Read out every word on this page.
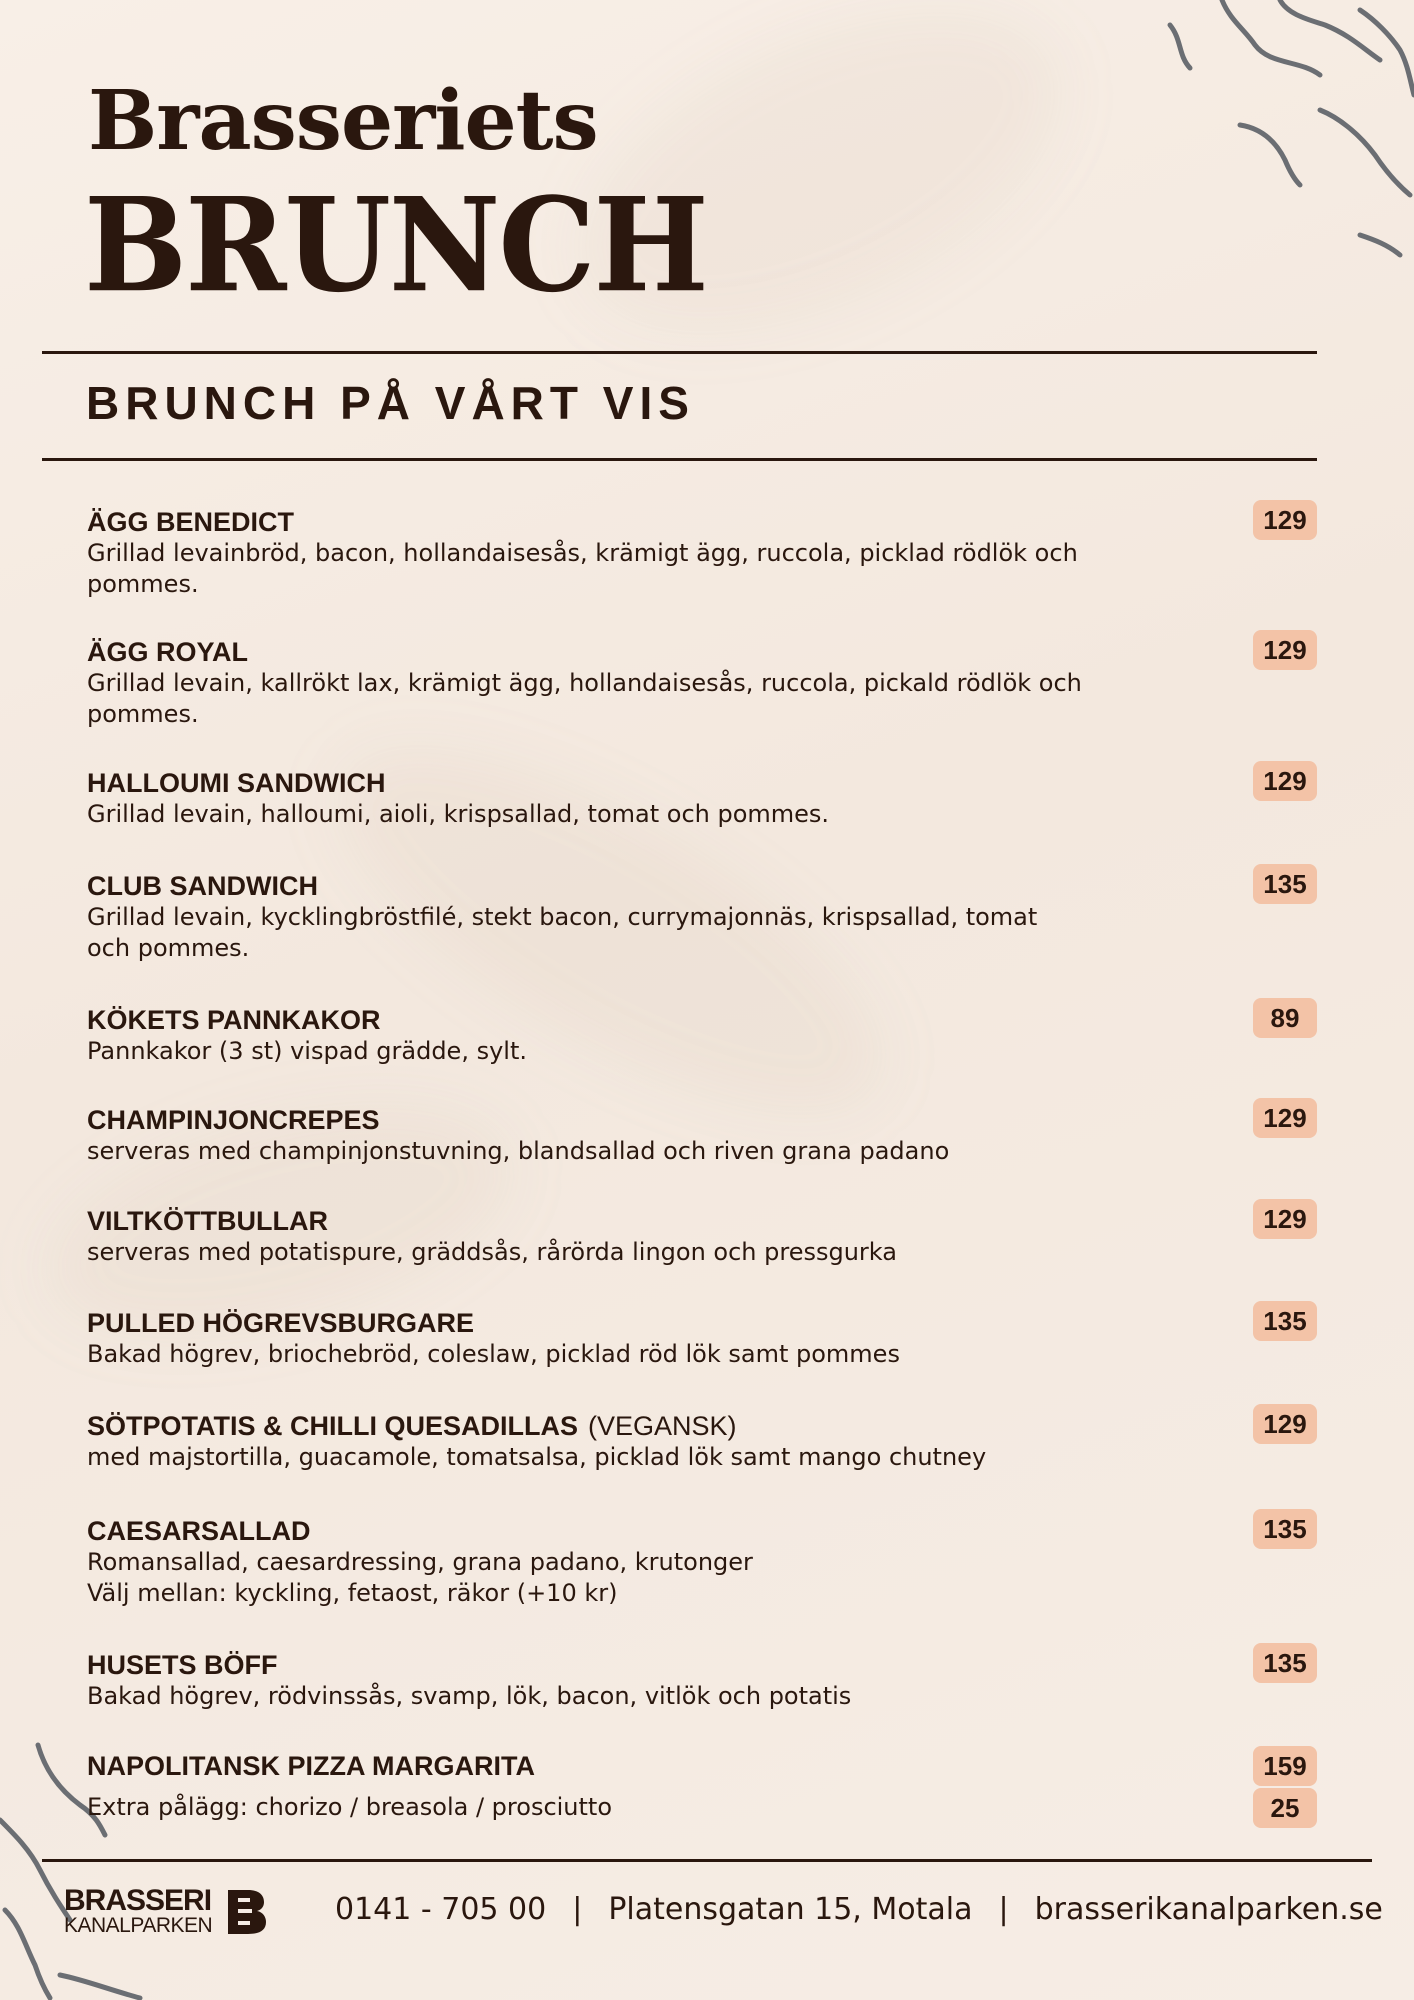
Brasseriets
BRUNCH
BRUNCH PÅ VÅRT VIS
ÄGG BENEDICT
Grillad levainbröd, bacon, hollandaisesås, krämigt ägg, ruccola, picklad rödlök och pommes.
129
ÄGG ROYAL
Grillad levain, kallrökt lax, krämigt ägg, hollandaisesås, ruccola, pickald rödlök och pommes.
129
HALLOUMI SANDWICH
Grillad levain, halloumi, aioli, krispsallad, tomat och pommes.
129
CLUB SANDWICH
Grillad levain, kycklingbröstfilé, stekt bacon, currymajonnäs, krispsallad, tomat och pommes.
135
KÖKETS PANNKAKOR
Pannkakor (3 st) vispad grädde, sylt.
89
CHAMPINJONCREPES
serveras med champinjonstuvning, blandsallad och riven grana padano
129
VILTKÖTTBULLAR
serveras med potatispure, gräddsås, rårörda lingon och pressgurka
129
PULLED HÖGREVSBURGARE
Bakad högrev, briochebröd, coleslaw, picklad röd lök samt pommes
135
SÖTPOTATIS & CHILLI QUESADILLAS (VEGANSK)
med majstortilla, guacamole, tomatsalsa, picklad lök samt mango chutney
129
CAESARSALLAD
Romansallad, caesardressing, grana padano, krutonger
Välj mellan: kyckling, fetaost, räkor (+10 kr)
135
HUSETS BÖFF
Bakad högrev, rödvinssås, svamp, lök, bacon, vitlök och potatis
135
NAPOLITANSK PIZZA MARGARITA
Extra pålägg: chorizo / breasola / prosciutto
159
25
BRASSERI
KANALPARKEN	0141 - 705 00 | Platensgatan 15, Motala | brasserikanalparken.se
